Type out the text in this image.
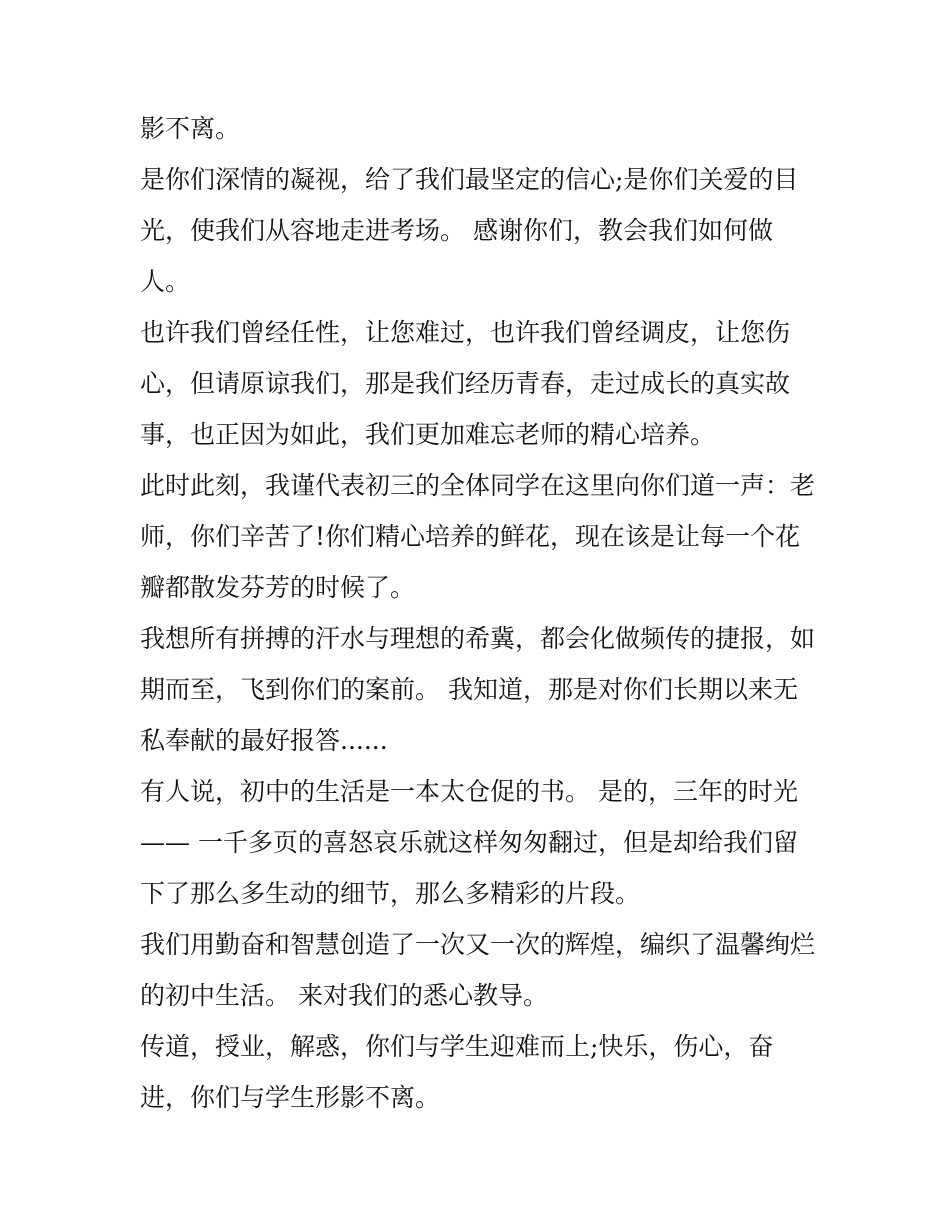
影不离。
是你们深情的凝视，给了我们最坚定的信心;是你们关爱的目
光，使我们从容地走进考场。 感谢你们，教会我们如何做
人。
也许我们曾经任性，让您难过，也许我们曾经调皮，让您伤
心，但请原谅我们，那是我们经历青春，走过成长的真实故
事，也正因为如此，我们更加难忘老师的精心培养。
此时此刻，我谨代表初三的全体同学在这里向你们道一声：老
师，你们辛苦了!你们精心培养的鲜花，现在该是让每一个花
瓣都散发芬芳的时候了。
我想所有拼搏的汗水与理想的希冀，都会化做频传的捷报，如
期而至，飞到你们的案前。 我知道，那是对你们长期以来无
私奉献的最好报答......
有人说，初中的生活是一本太仓促的书。 是的，三年的时光
—— 一千多页的喜怒哀乐就这样匆匆翻过，但是却给我们留
下了那么多生动的细节，那么多精彩的片段。
我们用勤奋和智慧创造了一次又一次的辉煌，编织了温馨绚烂
的初中生活。 来对我们的悉心教导。
传道，授业，解惑，你们与学生迎难而上;快乐，伤心，奋
进，你们与学生形影不离。
